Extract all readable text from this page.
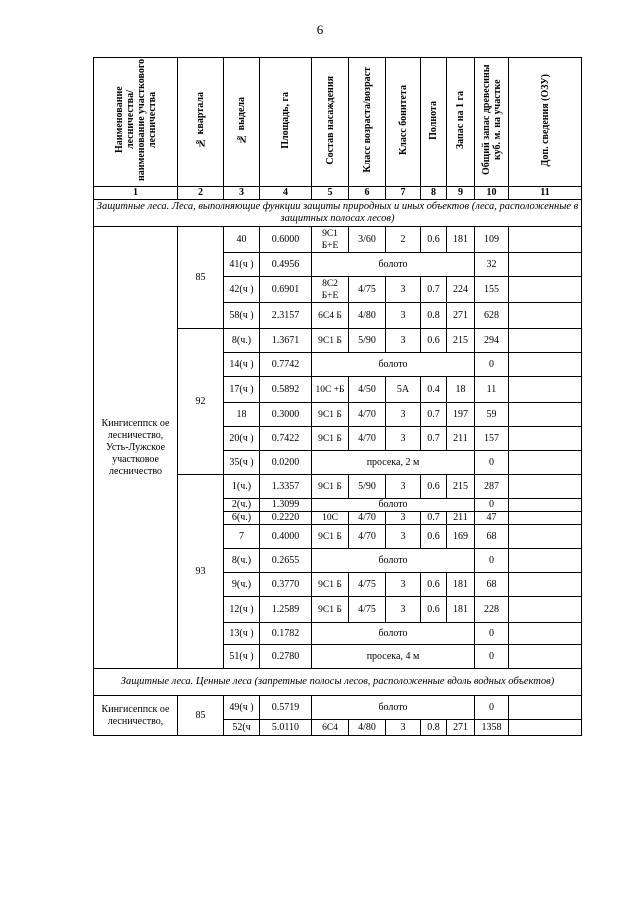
6
Наименование лесничества/ наименование участкового лесничества	№ квартала	№ выдела	Площадь, га	Состав насаждения	Класс возраста/возраст	Класс бонитета	Полнота	Запас на 1 га	Общий запас древесины куб. м. на участке	Доп. сведения (ОЗУ)
1	2	3	4	5	6	7	8	9	10	11
Защитные леса. Леса, выполняющие функции защиты природных и иных объектов (леса, расположенные в защитных полосах лесов)										
Кингисеппск ое лесничество, Усть-Лужское участковое лесничество	85	40	0.6000	9С1 Б+Е	3/60	2	0.6	181	109	
		41(ч )	0.4956	болото					32	
		42(ч )	0.6901	8С2 Б+Е	4/75	3	0.7	224	155	
		58(ч )	2.3157	6С4 Б	4/80	3	0.8	271	628	
	92	8(ч.)	1.3671	9С1 Б	5/90	3	0.6	215	294	
		14(ч )	0.7742	болото					0	
		17(ч )	0.5892	10С +Б	4/50	5А	0.4	18	11	
		18	0.3000	9С1 Б	4/70	3	0.7	197	59	
		20(ч )	0.7422	9С1 Б	4/70	3	0.7	211	157	
		35(ч )	0.0200	просека, 2 м					0	
	93	1(ч.)	1.3357	9С1 Б	5/90	3	0.6	215	287	
		2(ч.)	1.3099	болото					0	
		6(ч.)	0.2220	10С	4/70	3	0.7	211	47	
		7	0.4000	9С1 Б	4/70	3	0.6	169	68	
		8(ч.)	0.2655	болото					0	
		9(ч.)	0.3770	9С1 Б	4/75	3	0.6	181	68	
		12(ч )	1.2589	9С1 Б	4/75	3	0.6	181	228	
		13(ч )	0.1782	болото					0	
		51(ч )	0.2780	просека, 4 м					0	
Защитные леса. Ценные леса (запретные полосы лесов, расположенные вдоль водных объектов)										
Кингисеппск ое лесничество,	85	49(ч )	0.5719	болото					0	
		52(ч	5.0110	6С4	4/80	3	0.8	271	1358	
